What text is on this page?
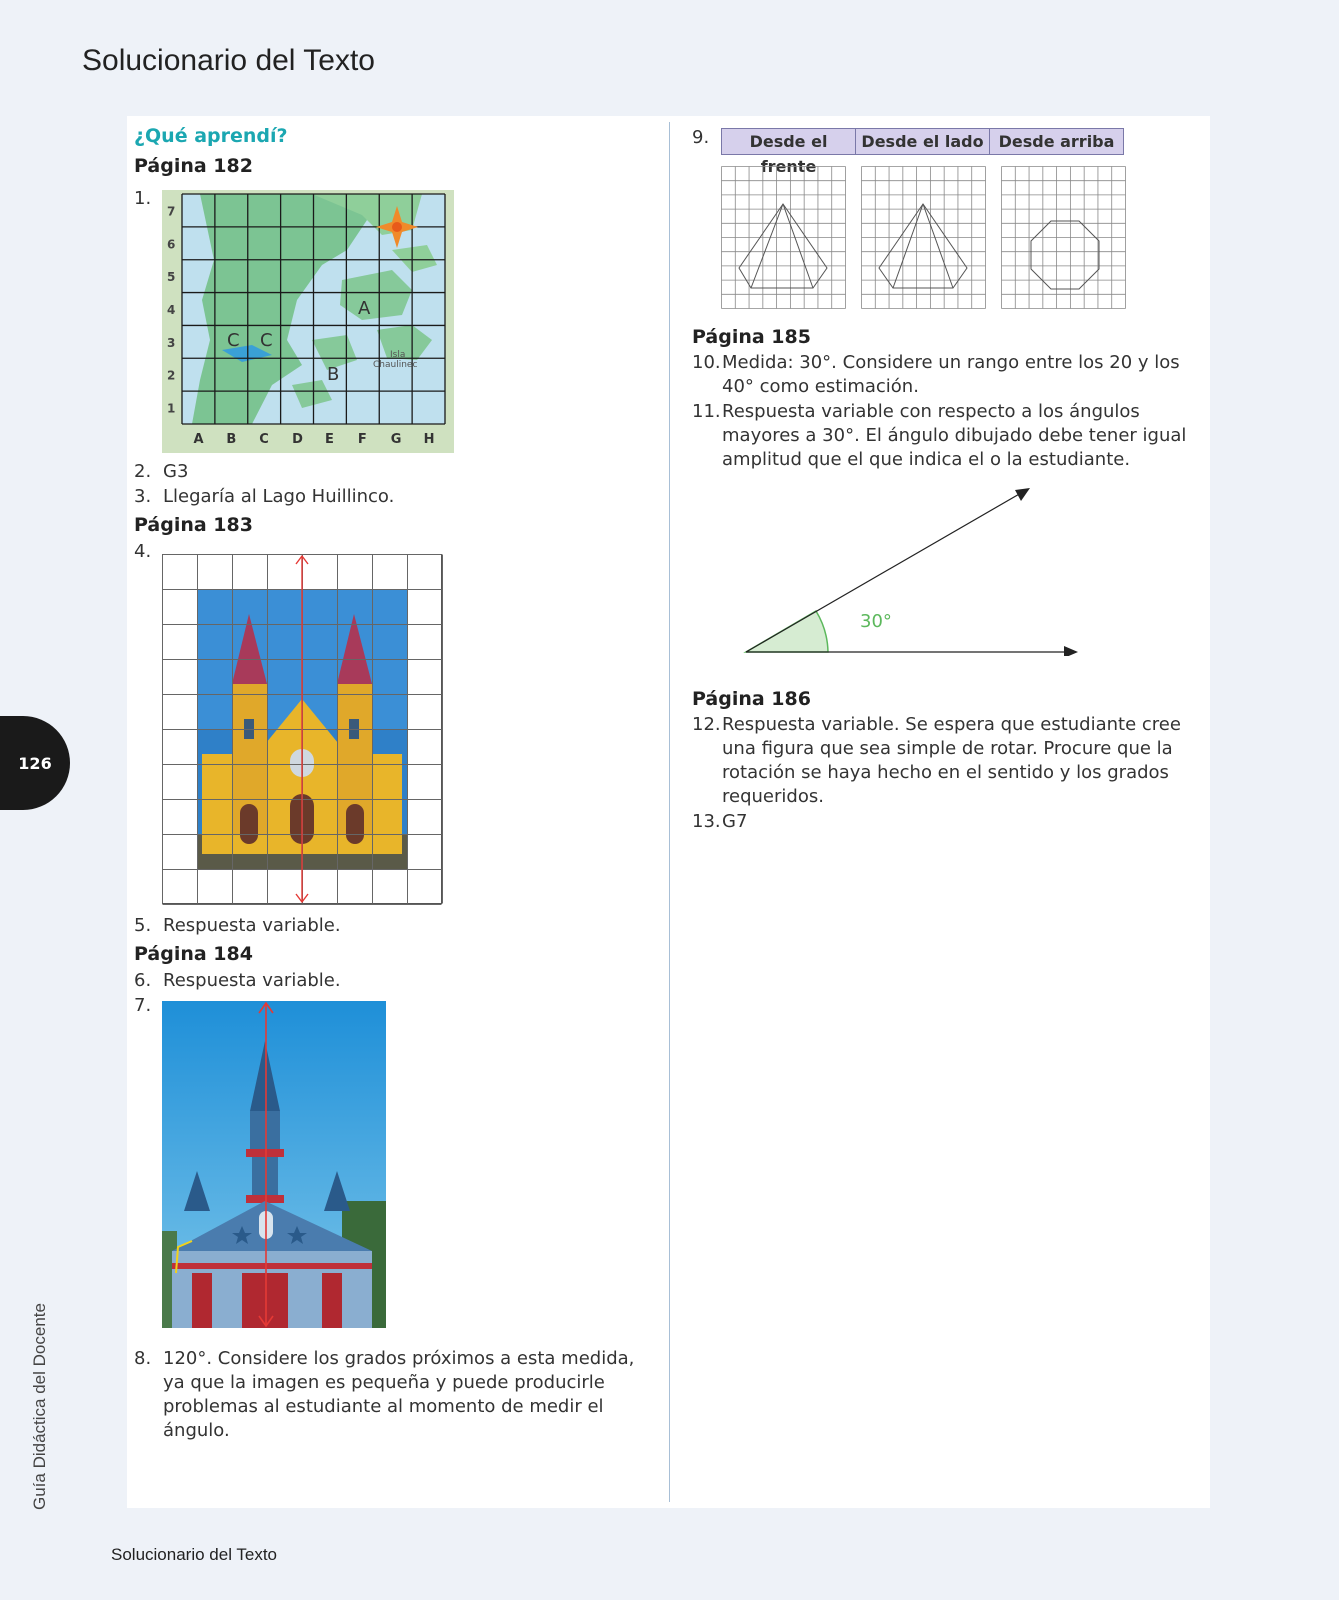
Solucionario del Texto
126
Guía Didáctica del Docente
Solucionario del Texto
¿Qué aprendí?
Página 182
1.
7
6
5
4
3
2
1
A B C D E F G H
C C
A
B
Isla
Chaulinec
2. G3
3. Llegaría al Lago Huillinco.
Página 183
4.
5. Respuesta variable.
Página 184
6. Respuesta variable.
7.
8. 120°. Considere los grados próximos a esta medida, ya que la imagen es pequeña y puede producirle problemas al estudiante al momento de medir el ángulo.
9.	Desde el frente
Desde el lado Desde arriba
Página 185
10. Medida: 30°. Considere un rango entre los 20 y los 40° como estimación.
11. Respuesta variable con respecto a los ángulos mayores a 30°. El ángulo dibujado debe tener igual amplitud que el que indica el o la estudiante.
30°
Página 186
12. Respuesta variable. Se espera que estudiante cree una figura que sea simple de rotar. Procure que la rotación se haya hecho en el sentido y los grados requeridos.
13. G7
